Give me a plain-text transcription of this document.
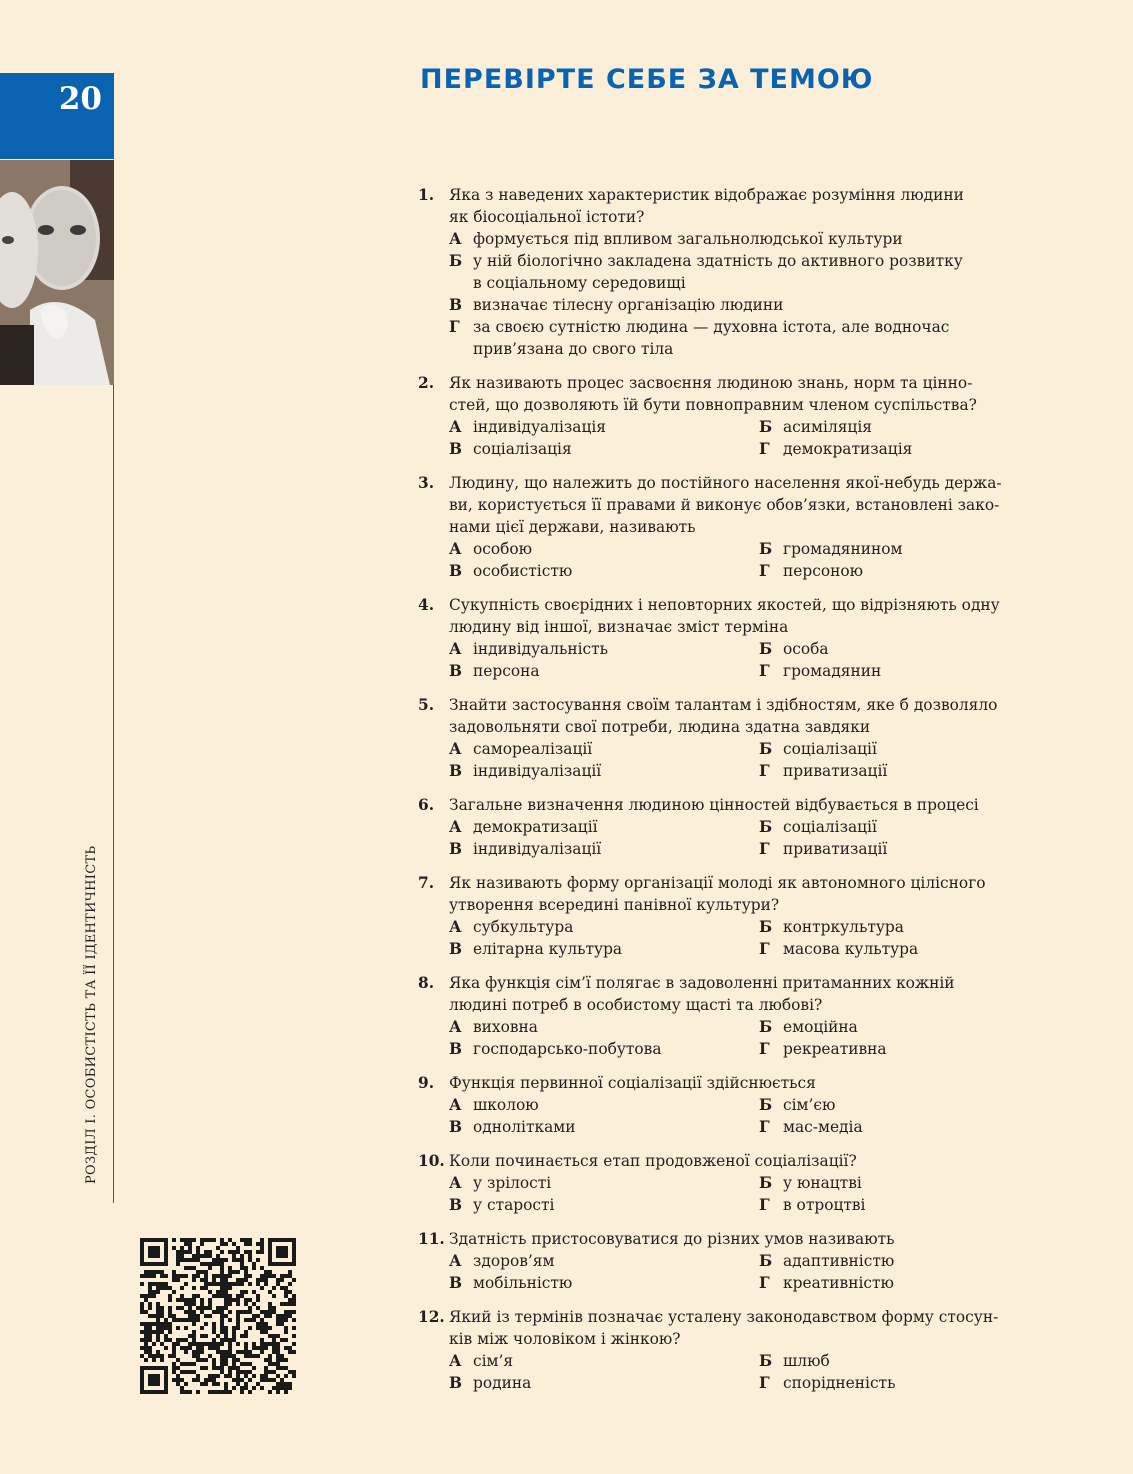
20
РОЗДІЛ І. ОСОБИСТІСТЬ ТА ЇЇ ІДЕНТИЧНІСТЬ
ПЕРЕВІРТЕ СЕБЕ ЗА ТЕМОЮ
1. Яка з наведених характеристик відображає розуміння людини
як біосоціальної істоти?
А формується під впливом загальнолюдської культури
Б у ній біологічно закладена здатність до активного розвитку
в соціальному середовищі
В визначає тілесну організацію людини
Г за своєю сутністю людина — духовна істота, але водночас
прив’язана до свого тіла
2. Як називають процес засвоєння людиною знань, норм та цінно-
стей, що дозволяють їй бути повноправним членом суспільства?
А індивідуалізація	Б асиміляція
В соціалізація	Г демократизація
3. Людину, що належить до постійного населення якої-небудь держа-
ви, користується її правами й виконує обов’язки, встановлені зако-
нами цієї держави, називають
А особою	Б громадянином
В особистістю	Г персоною
4. Сукупність своєрідних і неповторних якостей, що відрізняють одну
людину від іншої, визначає зміст терміна
А індивідуальність	Б особа
В персона	Г громадянин
5. Знайти застосування своїм талантам і здібностям, яке б дозволяло
задовольняти свої потреби, людина здатна завдяки
А самореалізації	Б соціалізації
В індивідуалізації	Г приватизації
6. Загальне визначення людиною цінностей відбувається в процесі
А демократизації	Б соціалізації
В індивідуалізації	Г приватизації
7. Як називають форму організації молоді як автономного цілісного
утворення всередині панівної культури?
А субкультура	Б контркультура
В елітарна культура	Г масова культура
8. Яка функція сім’ї полягає в задоволенні притаманних кожній
людині потреб в особистому щасті та любові?
А виховна	Б емоційна
В господарсько-побутова	Г рекреативна
9. Функція первинної соціалізації здійснюється
А школою	Б сім’єю
В однолітками	Г мас-медіа
10. Коли починається етап продовженої соціалізації?
А у зрілості	Б у юнацтві
В у старості	Г в отроцтві
11. Здатність пристосовуватися до різних умов називають
А здоров’ям	Б адаптивністю
В мобільністю	Г креативністю
12. Який із термінів позначає усталену законодавством форму стосун-
ків між чоловіком і жінкою?
А сім’я	Б шлюб
В родина	Г спорідненість
